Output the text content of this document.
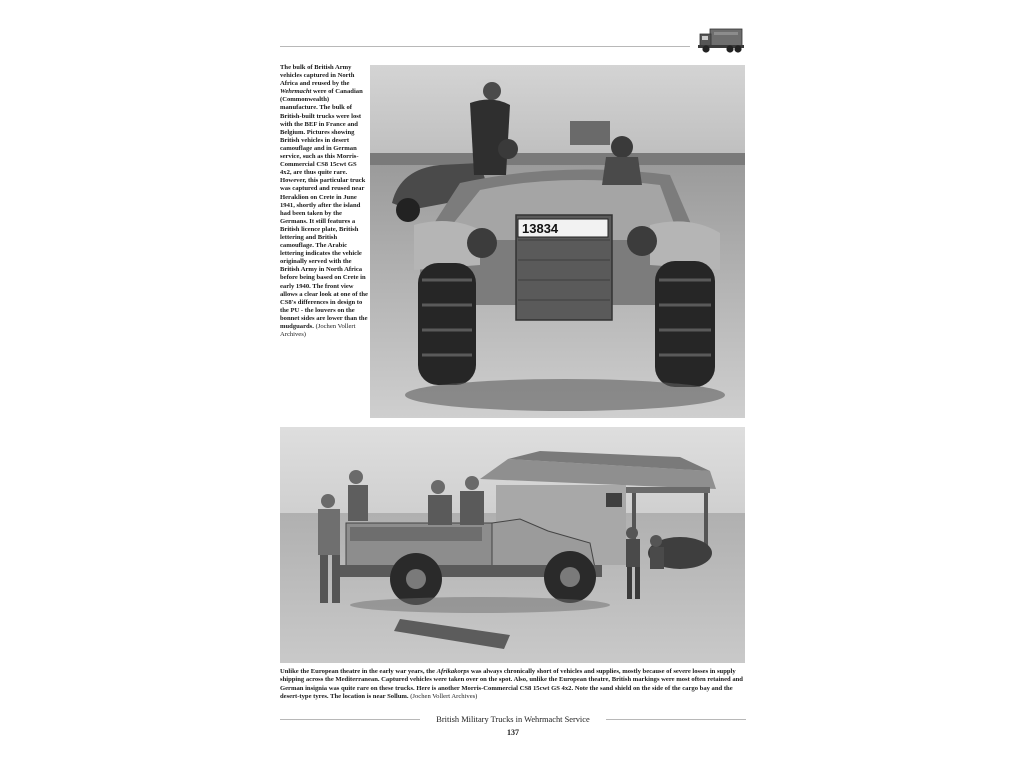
The bulk of British Army vehicles captured in North Africa and reused by the Wehrmacht were of Canadian (Commonwealth) manufacture. The bulk of British-built trucks were lost with the BEF in France and Belgium. Pictures showing British vehicles in desert camouflage and in German service, such as this Morris-Commercial CS8 15cwt GS 4x2, are thus quite rare. However, this particular truck was captured and reused near Heraklion on Crete in June 1941, shortly after the island had been taken by the Germans. It still features a British licence plate, British lettering and British camouflage. The Arabic lettering indicates the vehicle originally served with the British Army in North Africa before being based on Crete in early 1940. The front view allows a clear look at one of the CS8's differences in design to the PU - the louvers on the bonnet sides are lower than the mudguards. (Jochen Vollert Archives)

13834

Unlike the European theatre in the early war years, the Afrikakorps was always chronically short of vehicles and supplies, mostly because of severe losses in supply shipping across the Mediterranean. Captured vehicles were taken over on the spot. Also, unlike the European theatre, British markings were most often retained and German insignia was quite rare on these trucks. Here is another Morris-Commercial CS8 15cwt GS 4x2. Note the sand shield on the side of the cargo bay and the desert-type tyres. The location is near Sollum. (Jochen Vollert Archives)

British Military Trucks in Wehrmacht Service
137
